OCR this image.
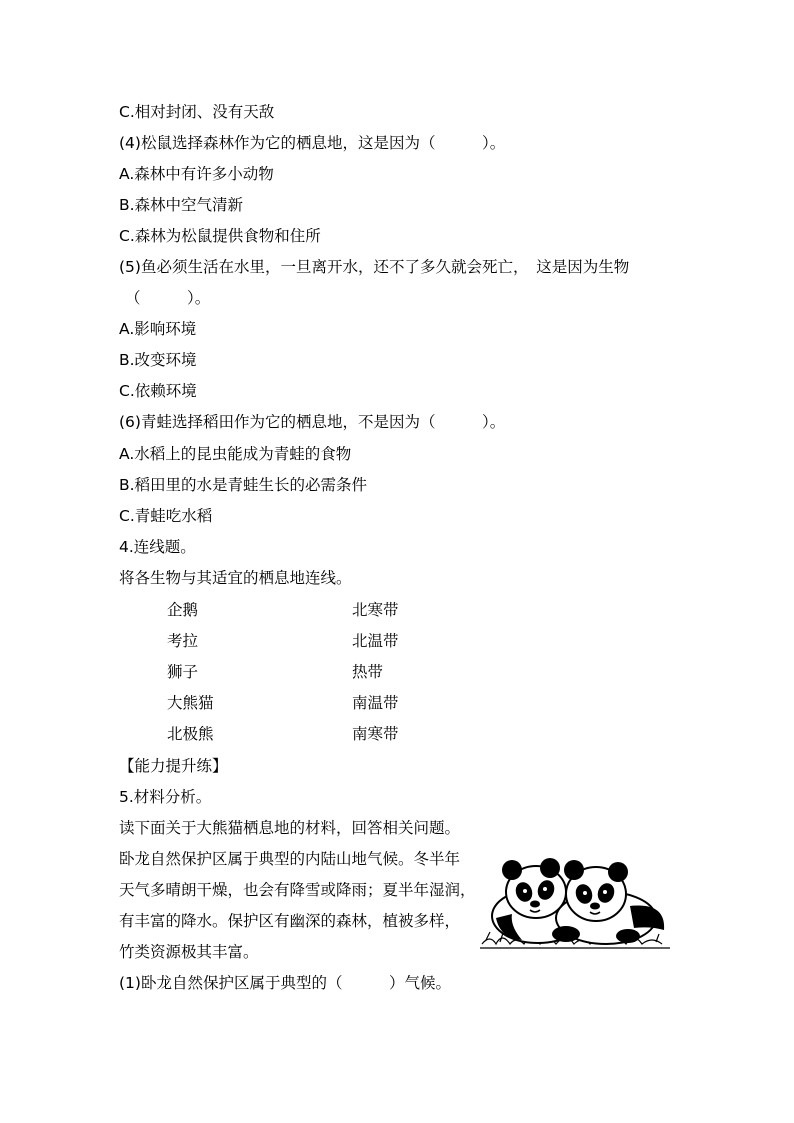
C.相对封闭、没有天敌
(4)松鼠选择森林作为它的栖息地，这是因为（　　　）。
A.森林中有许多小动物
B.森林中空气清新
C.森林为松鼠提供食物和住所
(5)鱼必须生活在水里，一旦离开水，还不了多久就会死亡，　这是因为生物
（　　　）。
A.影响环境
B.改变环境
C.依赖环境
(6)青蛙选择稻田作为它的栖息地，不是因为（　　　）。
A.水稻上的昆虫能成为青蛙的食物
B.稻田里的水是青蛙生长的必需条件
C.青蛙吃水稻
4.连线题。
将各生物与其适宜的栖息地连线。
企鹅	北寒带
考拉	北温带
狮子	热带
大熊猫	南温带
北极熊	南寒带
【能力提升练】
5.材料分析。
读下面关于大熊猫栖息地的材料，回答相关问题。
卧龙自然保护区属于典型的内陆山地气候。冬半年
天气多晴朗干燥，也会有降雪或降雨；夏半年湿润，
有丰富的降水。保护区有幽深的森林，植被多样，
竹类资源极其丰富。
(1)卧龙自然保护区属于典型的（　　　）气候。
